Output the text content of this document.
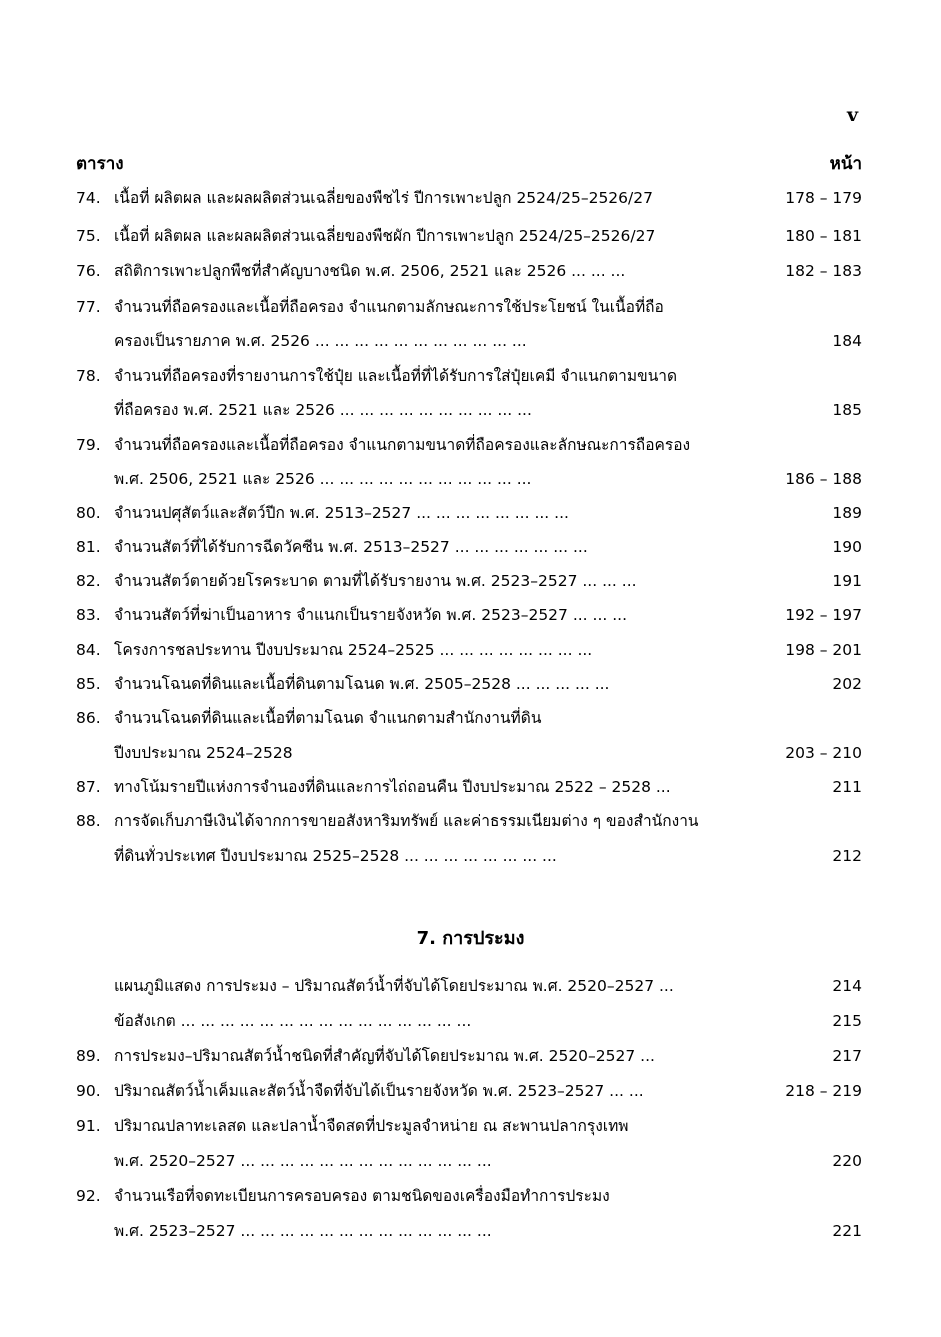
v
ตาราง	หน้า
74. เนื้อที่ ผลิตผล และผลผลิตส่วนเฉลี่ยของพืชไร่ ปีการเพาะปลูก 2524/25–2526/27	178 – 179
75. เนื้อที่ ผลิตผล และผลผลิตส่วนเฉลี่ยของพืชผัก ปีการเพาะปลูก 2524/25–2526/27	180 – 181
76. สถิติการเพาะปลูกพืชที่สำคัญบางชนิด พ.ศ. 2506, 2521 และ 2526 ... ... ...	182 – 183
77. จำนวนที่ถือครองและเนื้อที่ถือครอง จำแนกตามลักษณะการใช้ประโยชน์ ในเนื้อที่ถือ
ครองเป็นรายภาค พ.ศ. 2526 ... ... ... ... ... ... ... ... ... ... ...	184
78. จำนวนที่ถือครองที่รายงานการใช้ปุ๋ย และเนื้อที่ที่ได้รับการใส่ปุ๋ยเคมี จำแนกตามขนาด
ที่ถือครอง พ.ศ. 2521 และ 2526 ... ... ... ... ... ... ... ... ... ...	185
79. จำนวนที่ถือครองและเนื้อที่ถือครอง จำแนกตามขนาดที่ถือครองและลักษณะการถือครอง
พ.ศ. 2506, 2521 และ 2526 ... ... ... ... ... ... ... ... ... ... ...	186 – 188
80. จำนวนปศุสัตว์และสัตว์ปีก พ.ศ. 2513–2527 ... ... ... ... ... ... ... ...	189
81. จำนวนสัตว์ที่ได้รับการฉีดวัคซีน พ.ศ. 2513–2527 ... ... ... ... ... ... ...	190
82. จำนวนสัตว์ตายด้วยโรคระบาด ตามที่ได้รับรายงาน พ.ศ. 2523–2527 ... ... ...	191
83. จำนวนสัตว์ที่ฆ่าเป็นอาหาร จำแนกเป็นรายจังหวัด พ.ศ. 2523–2527 ... ... ...	192 – 197
84. โครงการชลประทาน ปีงบประมาณ 2524–2525 ... ... ... ... ... ... ... ...	198 – 201
85. จำนวนโฉนดที่ดินและเนื้อที่ดินตามโฉนด พ.ศ. 2505–2528 ... ... ... ... ...	202
86. จำนวนโฉนดที่ดินและเนื้อที่ตามโฉนด จำแนกตามสำนักงานที่ดิน
ปีงบประมาณ 2524–2528	203 – 210
87. ทางโน้มรายปีแห่งการจำนองที่ดินและการไถ่ถอนคืน ปีงบประมาณ 2522 – 2528 ...	211
88. การจัดเก็บภาษีเงินได้จากการขายอสังหาริมทรัพย์ และค่าธรรมเนียมต่าง ๆ ของสำนักงาน
ที่ดินทั่วประเทศ ปีงบประมาณ 2525–2528 ... ... ... ... ... ... ... ...	212
7. การประมง
แผนภูมิแสดง การประมง – ปริมาณสัตว์น้ำที่จับได้โดยประมาณ พ.ศ. 2520–2527 ...	214
ข้อสังเกต ... ... ... ... ... ... ... ... ... ... ... ... ... ... ...	215
89. การประมง–ปริมาณสัตว์น้ำชนิดที่สำคัญที่จับได้โดยประมาณ พ.ศ. 2520–2527 ...	217
90. ปริมาณสัตว์น้ำเค็มและสัตว์น้ำจืดที่จับได้เป็นรายจังหวัด พ.ศ. 2523–2527 ... ...	218 – 219
91. ปริมาณปลาทะเลสด และปลาน้ำจืดสดที่ประมูลจำหน่าย ณ สะพานปลากรุงเทพ
พ.ศ. 2520–2527 ... ... ... ... ... ... ... ... ... ... ... ... ...	220
92. จำนวนเรือที่จดทะเบียนการครอบครอง ตามชนิดของเครื่องมือทำการประมง
พ.ศ. 2523–2527 ... ... ... ... ... ... ... ... ... ... ... ... ...	221
